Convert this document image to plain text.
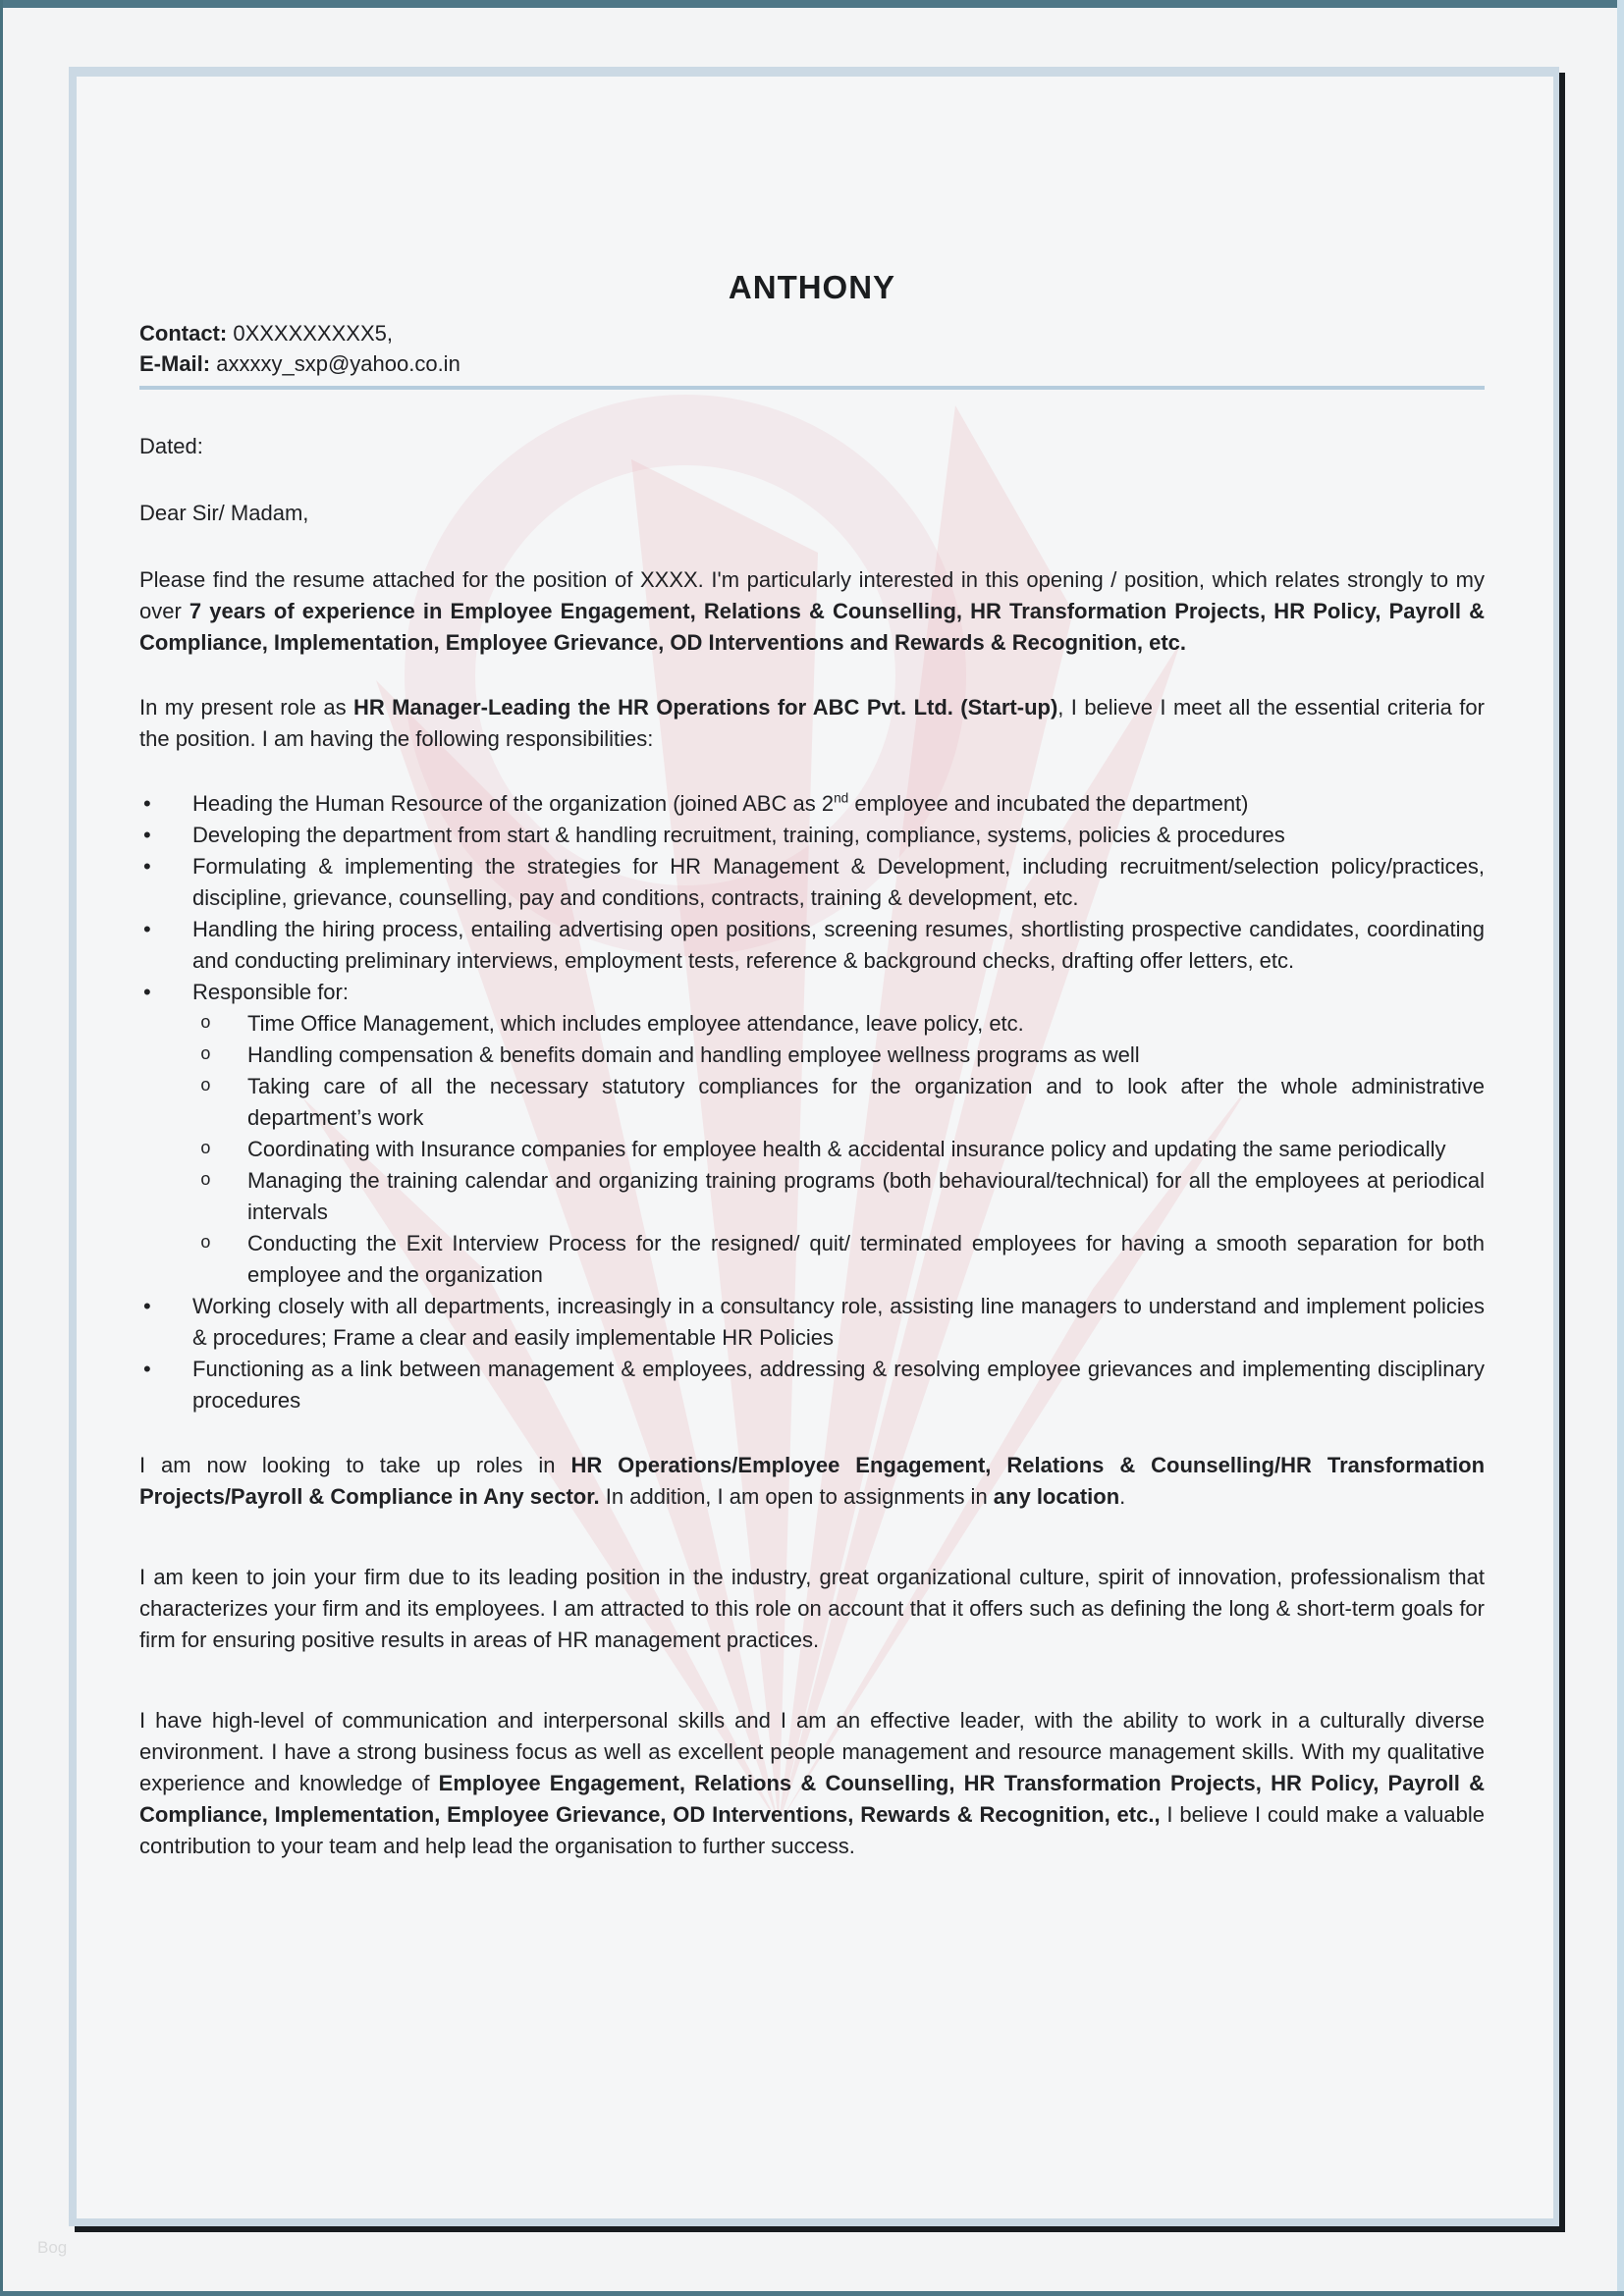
ANTHONY
Contact: 0XXXXXXXXX5,
E-Mail: axxxxy_sxp@yahoo.co.in
Dated:
Dear Sir/ Madam,
Please find the resume attached for the position of XXXX. I'm particularly interested in this opening / position, which relates strongly to my over 7 years of experience in Employee Engagement, Relations & Counselling, HR Transformation Projects, HR Policy, Payroll & Compliance, Implementation, Employee Grievance, OD Interventions and Rewards & Recognition, etc.
In my present role as HR Manager-Leading the HR Operations for ABC Pvt. Ltd. (Start-up), I believe I meet all the essential criteria for the position. I am having the following responsibilities:
•	Heading the Human Resource of the organization (joined ABC as 2nd employee and incubated the department)
•	Developing the department from start & handling recruitment, training, compliance, systems, policies & procedures
•	Formulating & implementing the strategies for HR Management & Development, including recruitment/selection policy/practices, discipline, grievance, counselling, pay and conditions, contracts, training & development, etc.
•	Handling the hiring process, entailing advertising open positions, screening resumes, shortlisting prospective candidates, coordinating and conducting preliminary interviews, employment tests, reference & background checks, drafting offer letters, etc.
•	Responsible for:
o	Time Office Management, which includes employee attendance, leave policy, etc.
o	Handling compensation & benefits domain and handling employee wellness programs as well
o	Taking care of all the necessary statutory compliances for the organization and to look after the whole administrative department’s work
o	Coordinating with Insurance companies for employee health & accidental insurance policy and updating the same periodically
o	Managing the training calendar and organizing training programs (both behavioural/technical) for all the employees at periodical intervals
o	Conducting the Exit Interview Process for the resigned/ quit/ terminated employees for having a smooth separation for both employee and the organization
•	Working closely with all departments, increasingly in a consultancy role, assisting line managers to understand and implement policies & procedures; Frame a clear and easily implementable HR Policies
•	Functioning as a link between management & employees, addressing & resolving employee grievances and implementing disciplinary procedures
I am now looking to take up roles in HR Operations/Employee Engagement, Relations & Counselling/HR Transformation Projects/Payroll & Compliance in Any sector. In addition, I am open to assignments in any location.
I am keen to join your firm due to its leading position in the industry, great organizational culture, spirit of innovation, professionalism that characterizes your firm and its employees. I am attracted to this role on account that it offers such as defining the long & short-term goals for firm for ensuring positive results in areas of HR management practices.
I have high-level of communication and interpersonal skills and I am an effective leader, with the ability to work in a culturally diverse environment. I have a strong business focus as well as excellent people management and resource management skills. With my qualitative experience and knowledge of Employee Engagement, Relations & Counselling, HR Transformation Projects, HR Policy, Payroll & Compliance, Implementation, Employee Grievance, OD Interventions, Rewards & Recognition, etc., I believe I could make a valuable contribution to your team and help lead the organisation to further success.
Bog
